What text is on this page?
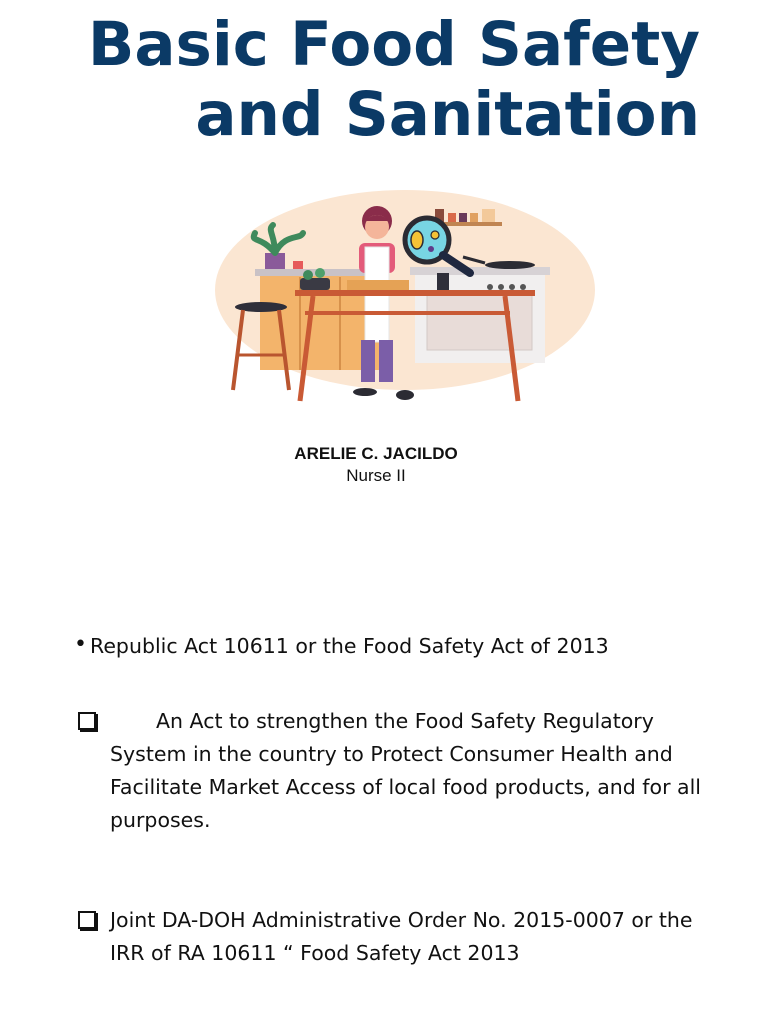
Basic Food Safety
and Sanitation
ARELIE C. JACILDO
Nurse II
• Republic Act 10611 or the Food Safety Act of 2013
An Act to strengthen the Food Safety Regulatory System in the country to Protect Consumer Health and Facilitate Market Access of local food products, and for all purposes.
Joint DA-DOH Administrative Order No. 2015-0007 or the IRR of RA 10611 “ Food Safety Act 2013
